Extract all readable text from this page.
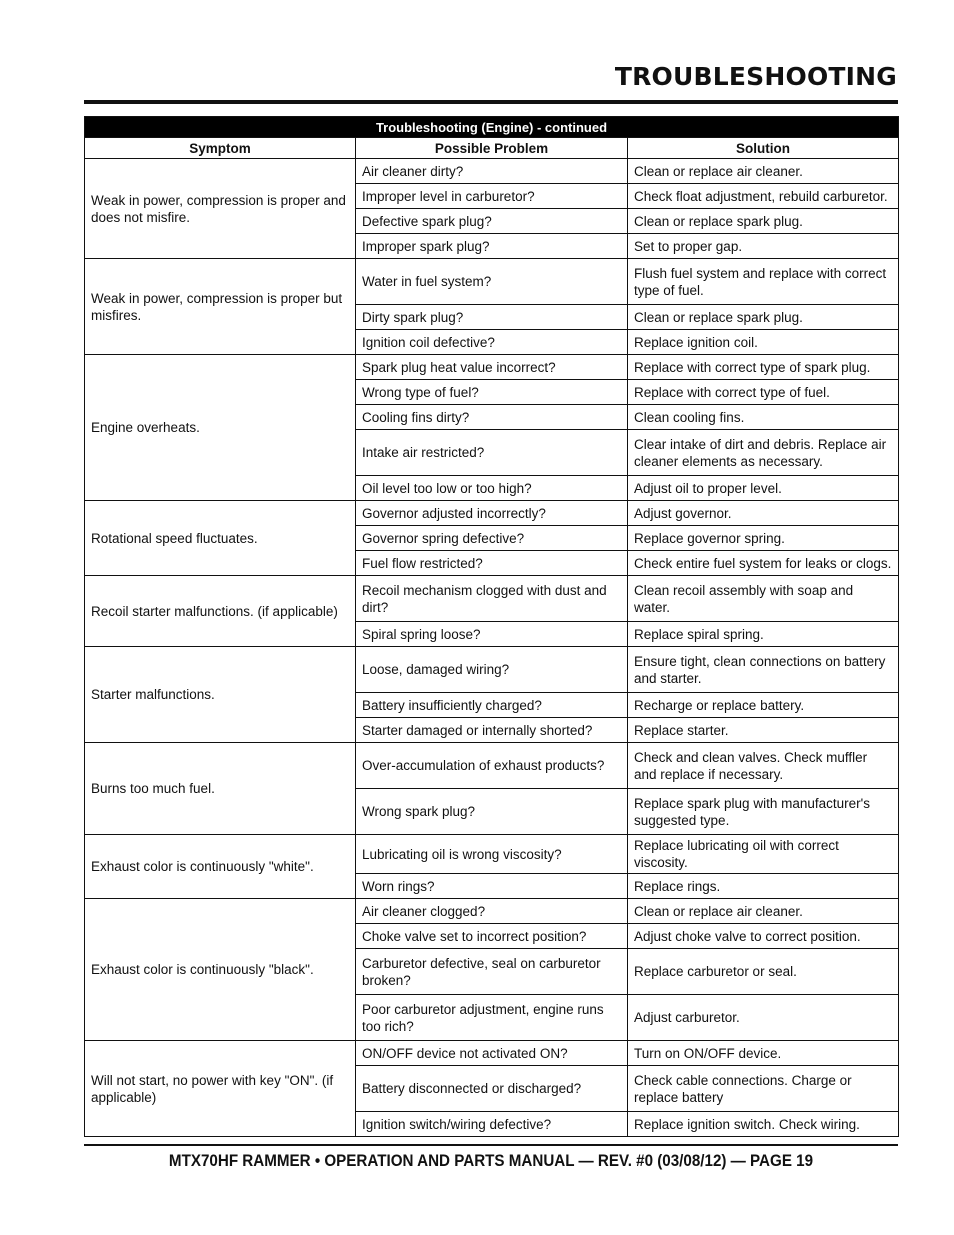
TROUBLESHOOTING
Troubleshooting (Engine) - continued		
Symptom	Possible Problem	Solution
Weak in power, compression is proper and does not misfire.	Air cleaner dirty?	Clean or replace air cleaner.
	Improper level in carburetor?	Check float adjustment, rebuild carburetor.
	Defective spark plug?	Clean or replace spark plug.
	Improper spark plug?	Set to proper gap.
Weak in power, compression is proper but misfires.	Water in fuel system?	Flush fuel system and replace with correct type of fuel.
	Dirty spark plug?	Clean or replace spark plug.
	Ignition coil defective?	Replace ignition coil.
Engine overheats.	Spark plug heat value incorrect?	Replace with correct type of spark plug.
	Wrong type of fuel?	Replace with correct type of fuel.
	Cooling fins dirty?	Clean cooling fins.
	Intake air restricted?	Clear intake of dirt and debris. Replace air cleaner elements as necessary.
	Oil level too low or too high?	Adjust oil to proper level.
Rotational speed fluctuates.	Governor adjusted incorrectly?	Adjust governor.
	Governor spring defective?	Replace governor spring.
	Fuel flow restricted?	Check entire fuel system for leaks or clogs.
Recoil starter malfunctions. (if applicable)	Recoil mechanism clogged with dust and dirt?	Clean recoil assembly with soap and water.
	Spiral spring loose?	Replace spiral spring.
Starter malfunctions.	Loose, damaged wiring?	Ensure tight, clean connections on battery and starter.
	Battery insufficiently charged?	Recharge or replace battery.
	Starter damaged or internally shorted?	Replace starter.
Burns too much fuel.	Over-accumulation of exhaust products?	Check and clean valves. Check muffler and replace if necessary.
	Wrong spark plug?	Replace spark plug with manufacturer's suggested type.
Exhaust color is continuously "white".	Lubricating oil is wrong viscosity?	Replace lubricating oil with correct viscosity.
	Worn rings?	Replace rings.
Exhaust color is continuously "black".	Air cleaner clogged?	Clean or replace air cleaner.
	Choke valve set to incorrect position?	Adjust choke valve to correct position.
	Carburetor defective, seal on carburetor broken?	Replace carburetor or seal.
	Poor carburetor adjustment, engine runs too rich?	Adjust carburetor.
Will not start, no power with key "ON". (if applicable)	ON/OFF device not activated ON?	Turn on ON/OFF device.
	Battery disconnected or discharged?	Check cable connections. Charge or replace battery
	Ignition switch/wiring defective?	Replace ignition switch. Check wiring.
MTX70HF RAMMER • OPERATION AND PARTS MANUAL — REV. #0 (03/08/12) — PAGE 19
